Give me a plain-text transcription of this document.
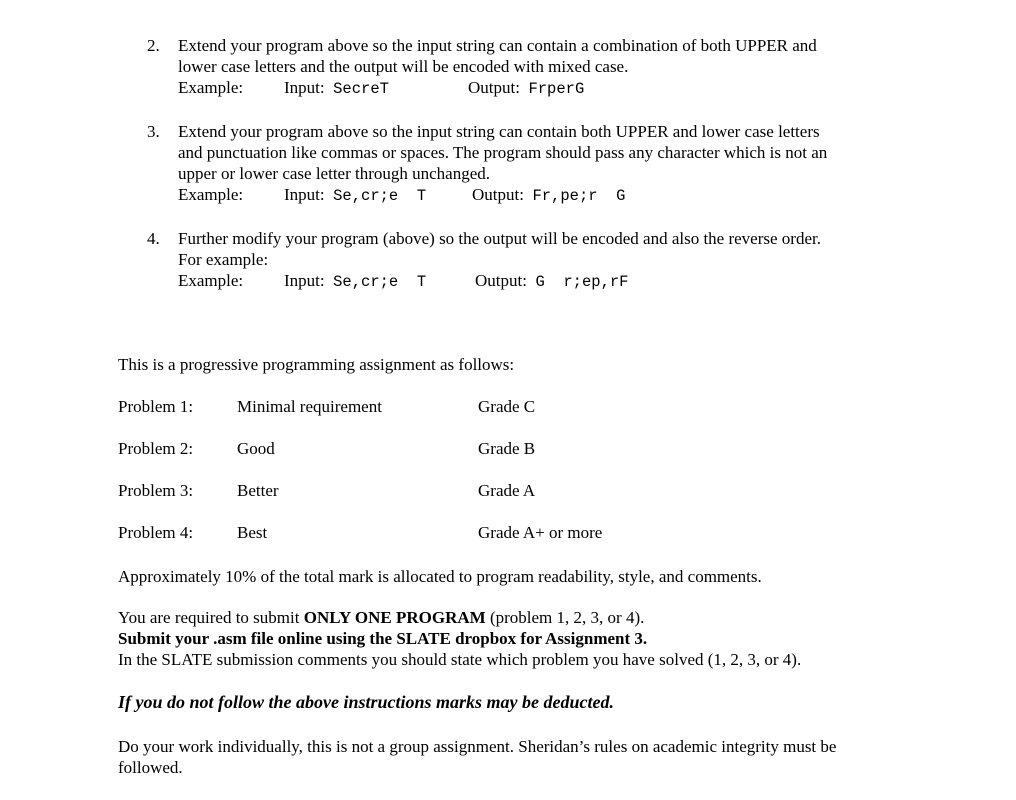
2. Extend your program above so the input string can contain a combination of both UPPER and
lower case letters and the output will be encoded with mixed case.
Example: Input: SecreT	Output: FrperG
3. Extend your program above so the input string can contain both UPPER and lower case letters
and punctuation like commas or spaces. The program should pass any character which is not an
upper or lower case letter through unchanged.
Example: Input: Se,cr;e  T	Output: Fr,pe;r  G
4. Further modify your program (above) so the output will be encoded and also the reverse order.
For example:
Example: Input: Se,cr;e  T	Output: G  r;ep,rF
This is a progressive programming assignment as follows:
Problem 1:	Minimal requirement	Grade C
Problem 2:	Good	Grade B
Problem 3:	Better	Grade A
Problem 4:	Best	Grade A+ or more
Approximately 10% of the total mark is allocated to program readability, style, and comments.
You are required to submit ONLY ONE PROGRAM (problem 1, 2, 3, or 4).
Submit your .asm file online using the SLATE dropbox for Assignment 3.
In the SLATE submission comments you should state which problem you have solved (1, 2, 3, or 4).
If you do not follow the above instructions marks may be deducted.
Do your work individually, this is not a group assignment. Sheridan’s rules on academic integrity must be
followed.
